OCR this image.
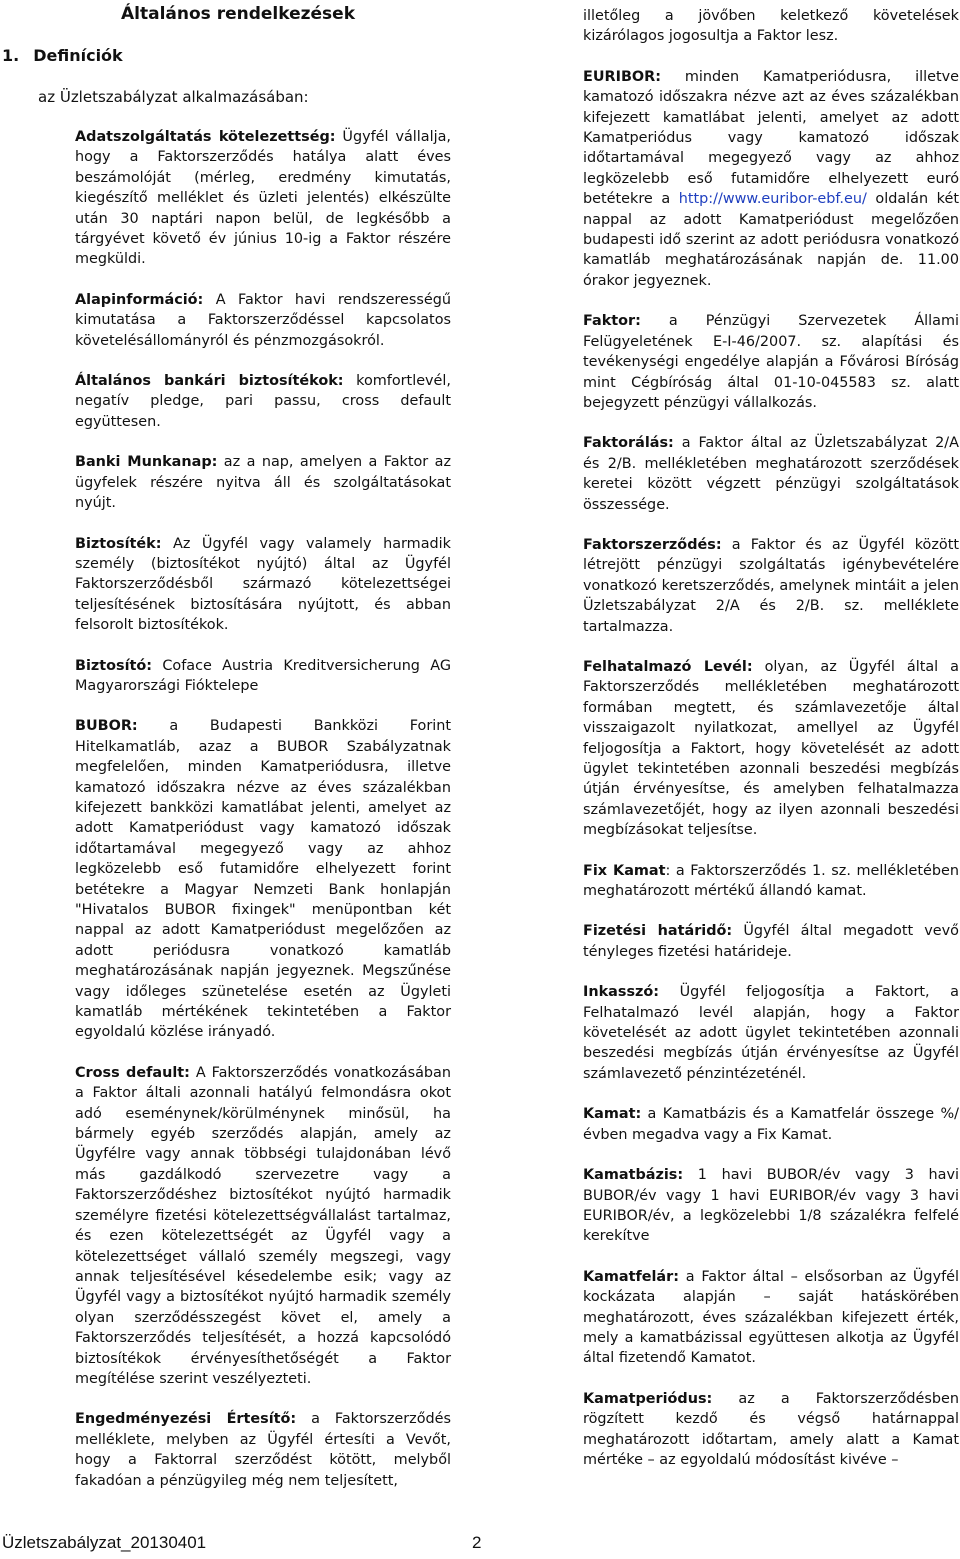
Általános rendelkezések
1. Definíciók
az Üzletszabályzat alkalmazásában:

Adatszolgáltatás kötelezettség: Ügyfél vállalja, hogy a Faktorszerződés hatálya alatt éves beszámolóját (mérleg, eredmény kimutatás, kiegészítő melléklet és üzleti jelentés) elkészülte után 30 naptári napon belül, de legkésőbb a tárgyévet követő év június 10-ig a Faktor részére megküldi.

Alapinformáció: A Faktor havi rendszerességű kimutatása a Faktorszerződéssel kapcsolatos követelésállományról és pénzmozgásokról.

Általános bankári biztosítékok: komfortlevél, negatív pledge, pari passu, cross default együttesen.

Banki Munkanap: az a nap, amelyen a Faktor az ügyfelek részére nyitva áll és szolgáltatásokat nyújt.

Biztosíték: Az Ügyfél vagy valamely harmadik személy (biztosítékot nyújtó) által az Ügyfél Faktorszerződésből származó kötelezettségei teljesítésének biztosítására nyújtott, és abban felsorolt biztosítékok.

Biztosító: Coface Austria Kreditversicherung AG Magyarországi Fióktelepe

BUBOR: a Budapesti Bankközi Forint Hitelkamatláb, azaz a BUBOR Szabályzatnak megfelelően, minden Kamatperiódusra, illetve kamatozó időszakra nézve az éves százalékban kifejezett bankközi kamatlábat jelenti, amelyet az adott Kamatperiódust vagy kamatozó időszak időtartamával megegyező vagy az ahhoz legközelebb eső futamidőre elhelyezett forint betétekre a Magyar Nemzeti Bank honlapján "Hivatalos BUBOR fixingek" menüpontban két nappal az adott Kamatperiódust megelőzően az adott periódusra vonatkozó kamatláb meghatározásának napján jegyeznek. Megszűnése vagy időleges szünetelése esetén az Ügyleti kamatláb mértékének tekintetében a Faktor egyoldalú közlése irányadó.

Cross default: A Faktorszerződés vonatkozásában a Faktor általi azonnali hatályú felmondásra okot adó eseménynek/körülménynek minősül, ha bármely egyéb szerződés alapján, amely az Ügyfélre vagy annak többségi tulajdonában lévő más gazdálkodó szervezetre vagy a Faktorszerződéshez biztosítékot nyújtó harmadik személyre fizetési kötelezettségvállalást tartalmaz, és ezen kötelezettségét az Ügyfél vagy a kötelezettséget vállaló személy megszegi, vagy annak teljesítésével késedelembe esik; vagy az Ügyfél vagy a biztosítékot nyújtó harmadik személy olyan szerződésszegést követ el, amely a Faktorszerződés teljesítését, a hozzá kapcsolódó biztosítékok érvényesíthetőségét a Faktor megítélése szerint veszélyezteti.

Engedményezési Értesítő: a Faktorszerződés melléklete, melyben az Ügyfél értesíti a Vevőt, hogy a Faktorral szerződést kötött, melyből fakadóan a pénzügyileg még nem teljesített,

illetőleg a jövőben keletkező követelések kizárólagos jogosultja a Faktor lesz.

EURIBOR: minden Kamatperiódusra, illetve kamatozó időszakra nézve azt az éves százalékban kifejezett kamatlábat jelenti, amelyet az adott Kamatperiódus vagy kamatozó időszak időtartamával megegyező vagy az ahhoz legközelebb eső futamidőre elhelyezett euró betétekre a http://www.euribor-ebf.eu/ oldalán két nappal az adott Kamatperiódust megelőzően budapesti idő szerint az adott periódusra vonatkozó kamatláb meghatározásának napján de. 11.00 órakor jegyeznek.

Faktor: a Pénzügyi Szervezetek Állami Felügyeletének E-I-46/2007. sz. alapítási és tevékenységi engedélye alapján a Fővárosi Bíróság mint Cégbíróság által 01-10-045583 sz. alatt bejegyzett pénzügyi vállalkozás.

Faktorálás: a Faktor által az Üzletszabályzat 2/A és 2/B. mellékletében meghatározott szerződések keretei között végzett pénzügyi szolgáltatások összessége.

Faktorszerződés: a Faktor és az Ügyfél között létrejött pénzügyi szolgáltatás igénybevételére vonatkozó keretszerződés, amelynek mintáit a jelen Üzletszabályzat 2/A és 2/B. sz. melléklete tartalmazza.

Felhatalmazó Levél: olyan, az Ügyfél által a Faktorszerződés mellékletében meghatározott formában megtett, és számlavezetője által visszaigazolt nyilatkozat, amellyel az Ügyfél feljogosítja a Faktort, hogy követelését az adott ügylet tekintetében azonnali beszedési megbízás útján érvényesítse, és amelyben felhatalmazza számlavezetőjét, hogy az ilyen azonnali beszedési megbízásokat teljesítse.

Fix Kamat: a Faktorszerződés 1. sz. mellékletében meghatározott mértékű állandó kamat.

Fizetési határidő: Ügyfél által megadott vevő tényleges fizetési határideje.

Inkasszó: Ügyfél feljogosítja a Faktort, a Felhatalmazó levél alapján, hogy a Faktor követelését az adott ügylet tekintetében azonnali beszedési megbízás útján érvényesítse az Ügyfél számlavezető pénzintézeténél.

Kamat: a Kamatbázis és a Kamatfelár összege %/évben megadva vagy a Fix Kamat.

Kamatbázis: 1 havi BUBOR/év vagy 3 havi BUBOR/év vagy 1 havi EURIBOR/év vagy 3 havi EURIBOR/év, a legközelebbi 1/8 százalékra felfelé kerekítve

Kamatfelár: a Faktor által – elsősorban az Ügyfél kockázata alapján – saját hatáskörében meghatározott, éves százalékban kifejezett érték, mely a kamatbázissal együttesen alkotja az Ügyfél által fizetendő Kamatot.

Kamatperiódus: az a Faktorszerződésben rögzített kezdő és végső határnappal meghatározott időtartam, amely alatt a Kamat mértéke – az egyoldalú módosítást kivéve –

Üzletszabályzat_20130401	2
